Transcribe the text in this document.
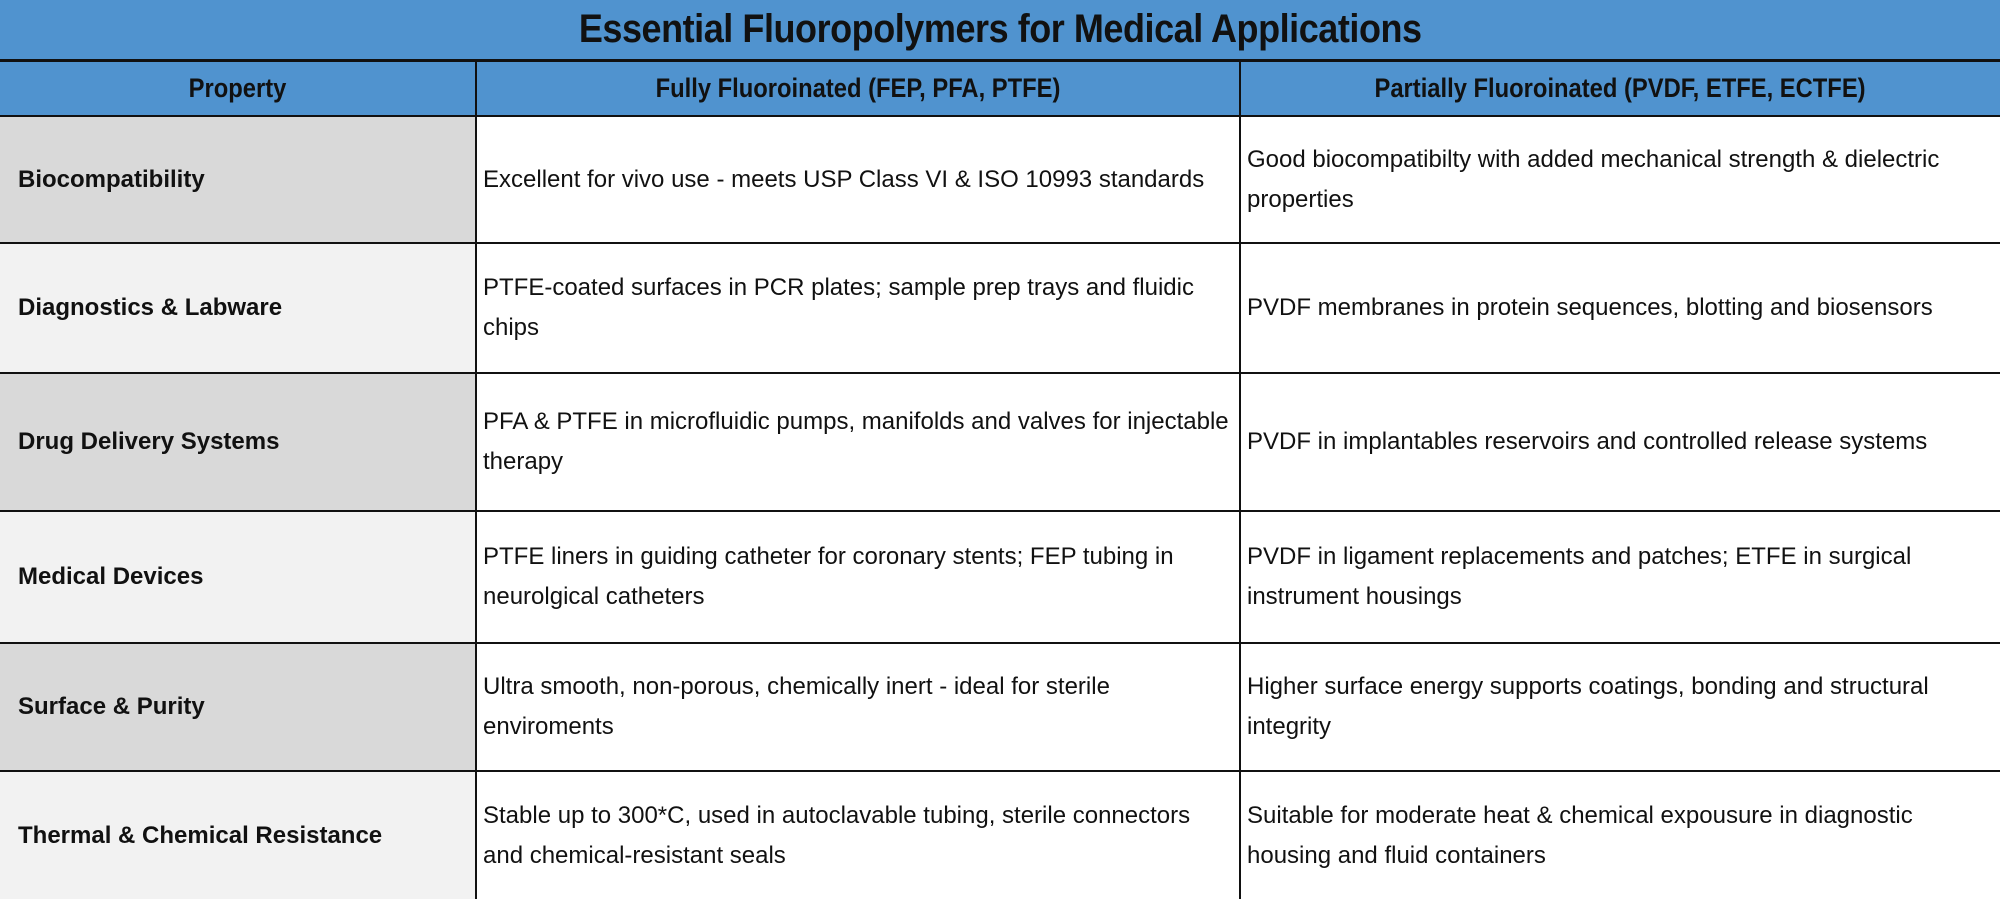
Essential Fluoropolymers for Medical Applications
Property	Fully Fluoroinated (FEP, PFA, PTFE)	Partially Fluoroinated (PVDF, ETFE, ECTFE)
Biocompatibility	Excellent for vivo use - meets USP Class VI & ISO 10993 standards	Good biocompatibilty with added mechanical strength & dielectric properties
Diagnostics & Labware	PTFE-coated surfaces in PCR plates; sample prep trays and fluidic chips	PVDF membranes in protein sequences, blotting and biosensors
Drug Delivery Systems	PFA & PTFE in microfluidic pumps, manifolds and valves for injectable therapy	PVDF in implantables reservoirs and controlled release systems
Medical Devices	PTFE liners in guiding catheter for coronary stents; FEP tubing in neurolgical catheters	PVDF in ligament replacements and patches; ETFE in surgical instrument housings
Surface & Purity	Ultra smooth, non-porous, chemically inert - ideal for sterile enviroments	Higher surface energy supports coatings, bonding and structural integrity
Thermal & Chemical Resistance	Stable up to 300*C, used in autoclavable tubing, sterile connectors and chemical-resistant seals	Suitable for moderate heat & chemical expousure in diagnostic housing and fluid containers
